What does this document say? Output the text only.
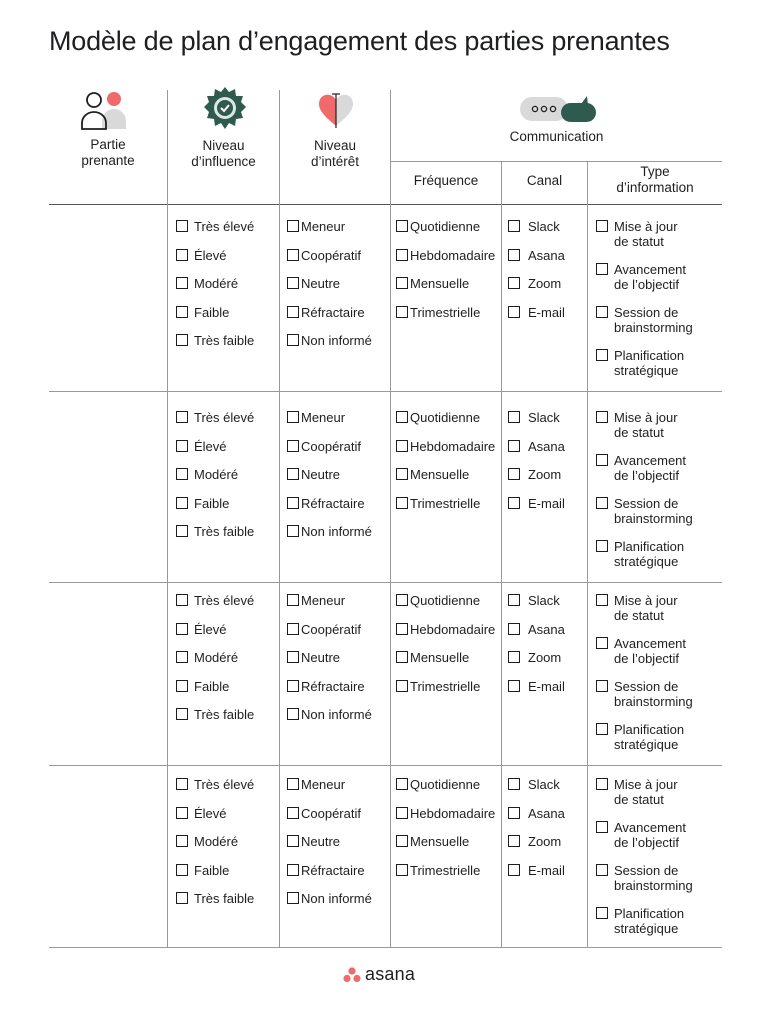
Modèle de plan d’engagement des parties prenantes
Partie
prenante
Niveau
d’influence
Niveau
d’intérêt
Communication
Fréquence	Canal
Type
d’information
Très élevé
Élevé
Modéré
Faible
Très faible
Meneur
Coopératif
Neutre
Réfractaire
Non informé
Quotidienne
Hebdomadaire
Mensuelle
Trimestrielle
Slack
Asana
Zoom
E-mail
Mise à jour
de statut
Avancement
de l’objectif
Session de
brainstorming
Planification
stratégique
Très élevé
Élevé
Modéré
Faible
Très faible
Meneur
Coopératif
Neutre
Réfractaire
Non informé
Quotidienne
Hebdomadaire
Mensuelle
Trimestrielle
Slack
Asana
Zoom
E-mail
Mise à jour
de statut
Avancement
de l’objectif
Session de
brainstorming
Planification
stratégique
Très élevé
Élevé
Modéré
Faible
Très faible
Meneur
Coopératif
Neutre
Réfractaire
Non informé
Quotidienne
Hebdomadaire
Mensuelle
Trimestrielle
Slack
Asana
Zoom
E-mail
Mise à jour
de statut
Avancement
de l’objectif
Session de
brainstorming
Planification
stratégique
Très élevé
Élevé
Modéré
Faible
Très faible
Meneur
Coopératif
Neutre
Réfractaire
Non informé
Quotidienne
Hebdomadaire
Mensuelle
Trimestrielle
Slack
Asana
Zoom
E-mail
Mise à jour
de statut
Avancement
de l’objectif
Session de
brainstorming
Planification
stratégique
asana
